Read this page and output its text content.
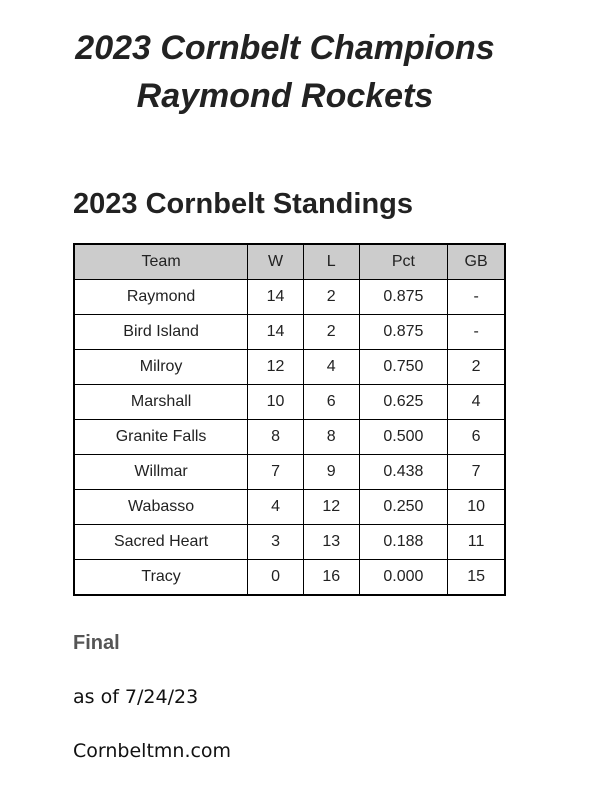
2023 Cornbelt Champions
Raymond Rockets
2023 Cornbelt Standings
Team	W	L	Pct	GB
Raymond	14	2	0.875	-
Bird Island	14	2	0.875	-
Milroy	12	4	0.750	2
Marshall	10	6	0.625	4
Granite Falls	8	8	0.500	6
Willmar	7	9	0.438	7
Wabasso	4	12	0.250	10
Sacred Heart	3	13	0.188	11
Tracy	0	16	0.000	15
Final
as of 7/24/23
Cornbeltmn.com
